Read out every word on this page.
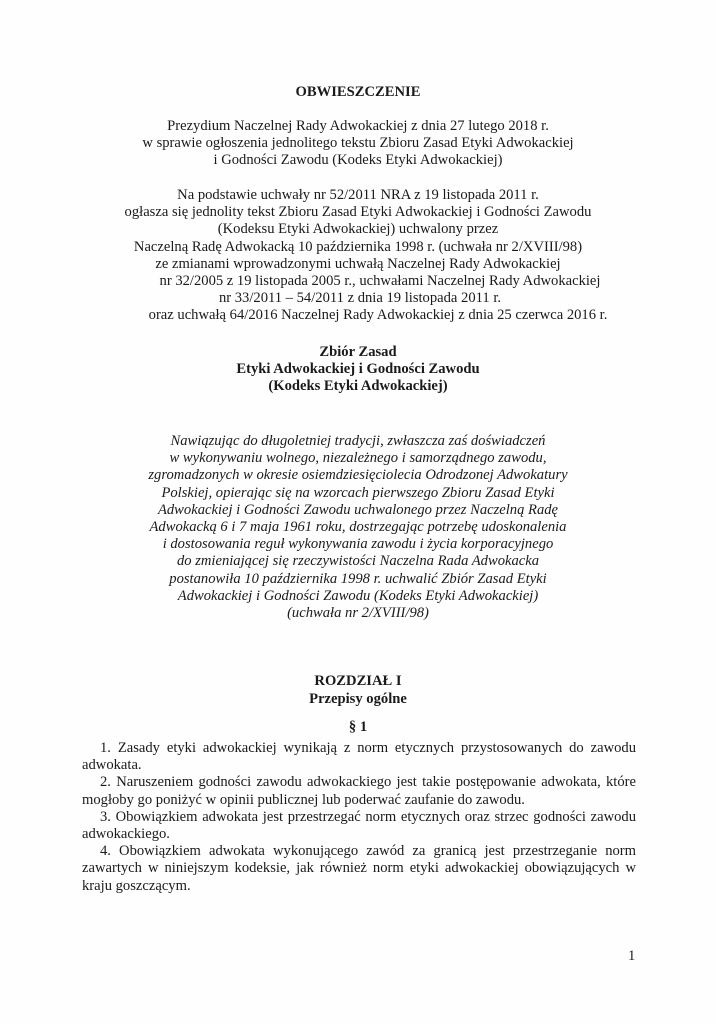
OBWIESZCZENIE
Prezydium Naczelnej Rady Adwokackiej z dnia 27 lutego 2018 r.
w sprawie ogłoszenia jednolitego tekstu Zbioru Zasad Etyki Adwokackiej
i Godności Zawodu (Kodeks Etyki Adwokackiej)
Na podstawie uchwały nr 52/2011 NRA z 19 listopada 2011 r.
ogłasza się jednolity tekst Zbioru Zasad Etyki Adwokackiej i Godności Zawodu
(Kodeksu Etyki Adwokackiej) uchwalony przez
Naczelną Radę Adwokacką 10 października 1998 r. (uchwała nr 2/XVIII/98)
ze zmianami wprowadzonymi uchwałą Naczelnej Rady Adwokackiej
nr 32/2005 z 19 listopada 2005 r., uchwałami Naczelnej Rady Adwokackiej
nr 33/2011 – 54/2011 z dnia 19 listopada 2011 r.
oraz uchwałą 64/2016 Naczelnej Rady Adwokackiej z dnia 25 czerwca 2016 r.
Zbiór Zasad
Etyki Adwokackiej i Godności Zawodu
(Kodeks Etyki Adwokackiej)
Nawiązując do długoletniej tradycji, zwłaszcza zaś doświadczeń
w wykonywaniu wolnego, niezależnego i samorządnego zawodu,
zgromadzonych w okresie osiemdziesięciolecia Odrodzonej Adwokatury
Polskiej, opierając się na wzorcach pierwszego Zbioru Zasad Etyki
Adwokackiej i Godności Zawodu uchwalonego przez Naczelną Radę
Adwokacką 6 i 7 maja 1961 roku, dostrzegając potrzebę udoskonalenia
i dostosowania reguł wykonywania zawodu i życia korporacyjnego
do zmieniającej się rzeczywistości Naczelna Rada Adwokacka
postanowiła 10 października 1998 r. uchwalić Zbiór Zasad Etyki
Adwokackiej i Godności Zawodu (Kodeks Etyki Adwokackiej)
(uchwała nr 2/XVIII/98)
ROZDZIAŁ I
Przepisy ogólne
§ 1

1. Zasady etyki adwokackiej wynikają z norm etycznych przystosowanych do zawodu adwokata.

2. Naruszeniem godności zawodu adwokackiego jest takie postępowanie adwokata, które mogłoby go poniżyć w opinii publicznej lub poderwać zaufanie do zawodu.

3. Obowiązkiem adwokata jest przestrzegać norm etycznych oraz strzec godności zawodu adwokackiego.

4. Obowiązkiem adwokata wykonującego zawód za granicą jest przestrzeganie norm zawartych w niniejszym kodeksie, jak również norm etyki adwokackiej obowiązujących w kraju goszczącym.

1
